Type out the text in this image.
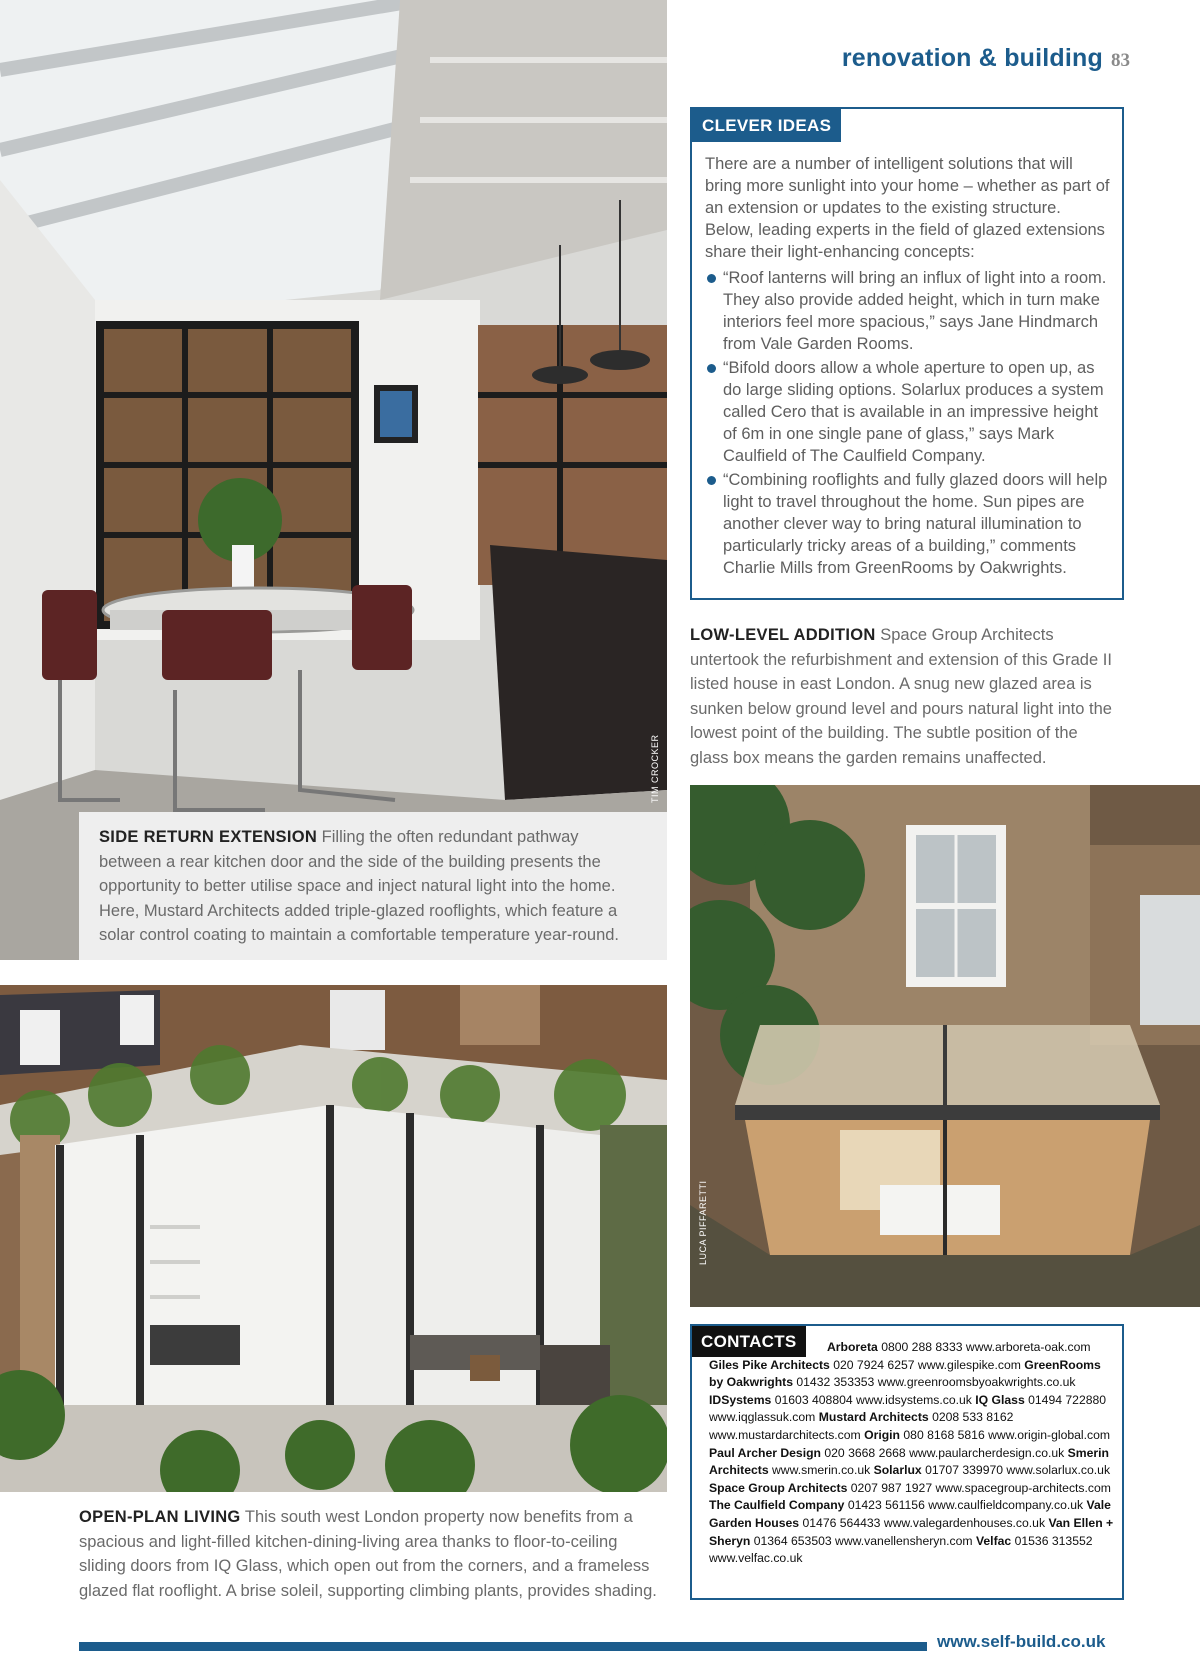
renovation & building 83
TIM CROCKER

SIDE RETURN EXTENSION Filling the often redundant pathway between a rear kitchen door and the side of the building presents the opportunity to better utilise space and inject natural light into the home. Here, Mustard Architects added triple-glazed rooflights, which feature a solar control coating to maintain a comfortable temperature year-round.

OPEN-PLAN LIVING This south west London property now benefits from a spacious and light-filled kitchen-dining-living area thanks to floor-to-ceiling sliding doors from IQ Glass, which open out from the corners, and a frameless glazed flat rooflight. A brise soleil, supporting climbing plants, provides shading.

CLEVER IDEAS

There are a number of intelligent solutions that will bring more sunlight into your home – whether as part of an extension or updates to the existing structure. Below, leading experts in the field of glazed extensions share their light-enhancing concepts:

“Roof lanterns will bring an influx of light into a room. They also provide added height, which in turn make interiors feel more spacious,” says Jane Hindmarch from Vale Garden Rooms.
“Bifold doors allow a whole aperture to open up, as do large sliding options. Solarlux produces a system called Cero that is available in an impressive height of 6m in one single pane of glass,” says Mark Caulfield of The Caulfield Company.
“Combining rooflights and fully glazed doors will help light to travel throughout the home. Sun pipes are another clever way to bring natural illumination to particularly tricky areas of a building,” comments Charlie Mills from GreenRooms by Oakwrights.

LOW-LEVEL ADDITION Space Group Architects untertook the refurbishment and extension of this Grade II listed house in east London. A snug new glazed area is sunken below ground level and pours natural light into the lowest point of the building. The subtle position of the glass box means the garden remains unaffected.

LUCA PIFFARETTI
CONTACTS	Arboreta 0800 288 8333 www.arboreta-oak.com Giles Pike Architects 020 7924 6257 www.gilespike.com GreenRooms by Oakwrights 01432 353353 www.greenroomsbyoakwrights.co.uk IDSystems 01603 408804 www.idsystems.co.uk IQ Glass 01494 722880 www.iqglassuk.com Mustard Architects 0208 533 8162 www.mustardarchitects.com Origin 080 8168 5816 www.origin-global.com Paul Archer Design 020 3668 2668 www.paularcherdesign.co.uk Smerin Architects www.smerin.co.uk Solarlux 01707 339970 www.solarlux.co.uk Space Group Architects 0207 987 1927 www.spacegroup-architects.com The Caulfield Company 01423 561156 www.caulfieldcompany.co.uk Vale Garden Houses 01476 564433 www.valegardenhouses.co.uk Van Ellen + Sheryn 01364 653503 www.vanellensheryn.com Velfac 01536 313552 www.velfac.co.uk

www.self-build.co.uk
